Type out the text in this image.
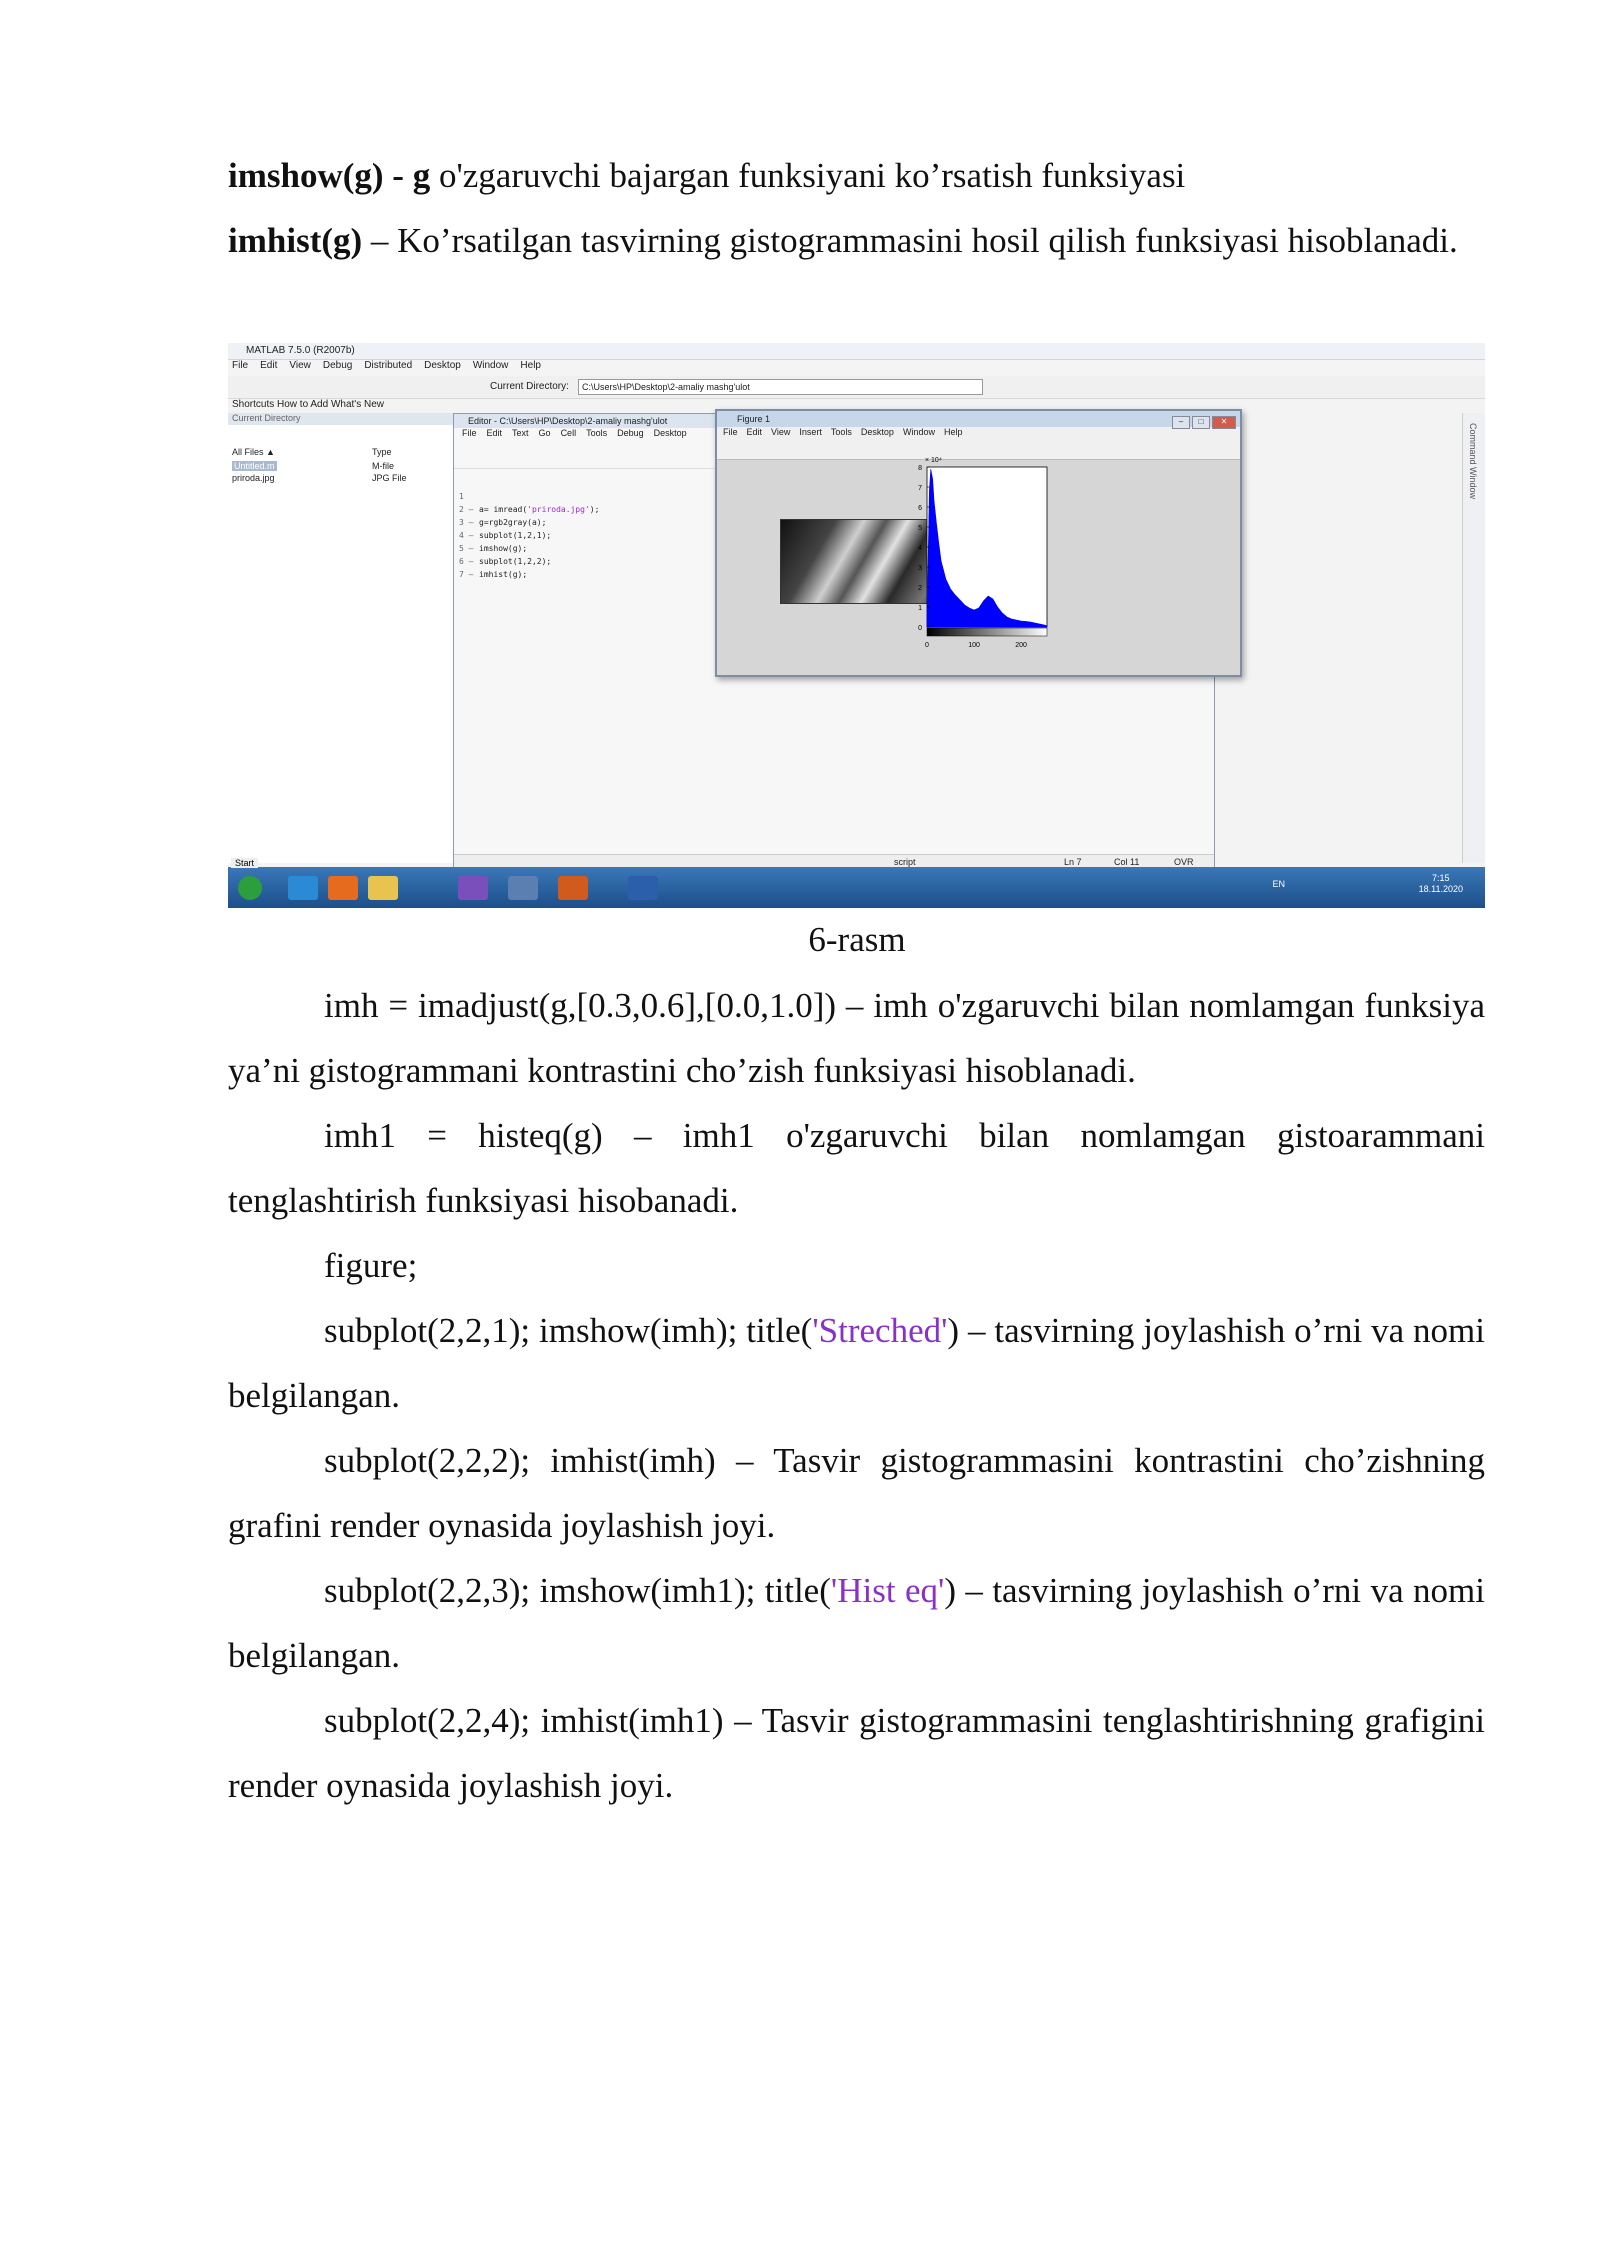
imshow(g) - g o'zgaruvchi bajargan funksiyani ko’rsatish funksiyasi

imhist(g) – Ko’rsatilgan tasvirning gistogrammasini hosil qilish funksiyasi hisoblanadi.

MATLAB 7.5.0 (R2007b)
File Edit View Debug Distributed Desktop Window Help
Current Directory:	C:\Users\HP\Desktop\2-amaliy mashg'ulot
Shortcuts How to Add What's New
Current Directory
All Files ▲	Type
Untitled.m	M-file
priroda.jpg	JPG File	Command Window
Editor - C:\Users\HP\Desktop\2-amaliy mashg'ulot
File Edit Text Go Cell Tools Debug Desktop
1
2 – a= imread('priroda.jpg');
3 – g=rgb2gray(a);
4 – subplot(1,2,1);
5 – imshow(g);
6 – subplot(1,2,2);
7 – imhist(g);
script	Ln 7	Col 11	OVR
Figure 1	– □ ✕
File Edit View Insert Tools Desktop Window Help
0
1
2
3
4
5
6
7
8
0	100	200
× 10⁴
Start
EN
7:15
18.11.2020
6-rasm

imh = imadjust(g,[0.3,0.6],[0.0,1.0]) – imh o'zgaruvchi bilan nomlamgan funksiya ya’ni gistogrammani kontrastini cho’zish funksiyasi hisoblanadi.

imh1 = histeq(g) – imh1 o'zgaruvchi bilan nomlamgan gistoarammani tenglashtirish funksiyasi hisobanadi.

figure;

subplot(2,2,1); imshow(imh); title('Streched') – tasvirning joylashish o’rni va nomi belgilangan.

subplot(2,2,2); imhist(imh) – Tasvir gistogrammasini kontrastini cho’zishning grafini render oynasida joylashish joyi.

subplot(2,2,3); imshow(imh1); title('Hist eq') – tasvirning joylashish o’rni va nomi belgilangan.

subplot(2,2,4); imhist(imh1) – Tasvir gistogrammasini tenglashtirishning grafigini render oynasida joylashish joyi.
